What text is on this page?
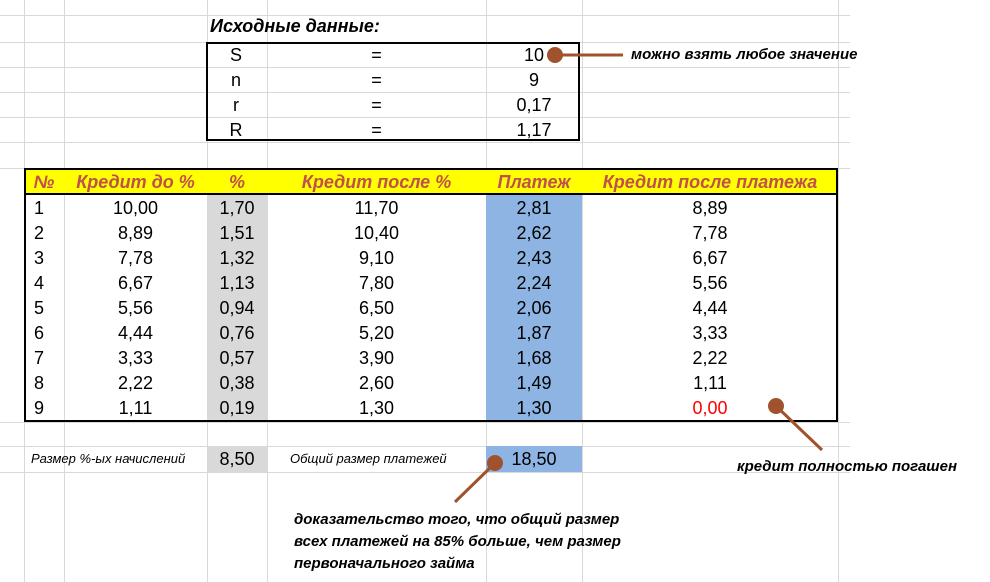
Исходные данные:
S	=	10
n	=	9
r	=	0,17
R	=	1,17
№	Кредит до %	%	Кредит после %	Платеж	Кредит после платежа
1	10,00	1,70	11,70	2,81	8,89
2	8,89	1,51	10,40	2,62	7,78
3	7,78	1,32	9,10	2,43	6,67
4	6,67	1,13	7,80	2,24	5,56
5	5,56	0,94	6,50	2,06	4,44
6	4,44	0,76	5,20	1,87	3,33
7	3,33	0,57	3,90	1,68	2,22
8	2,22	0,38	2,60	1,49	1,11
9	1,11	0,19	1,30	1,30	0,00
Размер %-ых начислений	8,50	Общий размер платежей	18,50
можно взять любое значение
кредит полностью погашен
доказательство того, что общий размер
всех платежей на 85% больше, чем размер
первоначального займа
